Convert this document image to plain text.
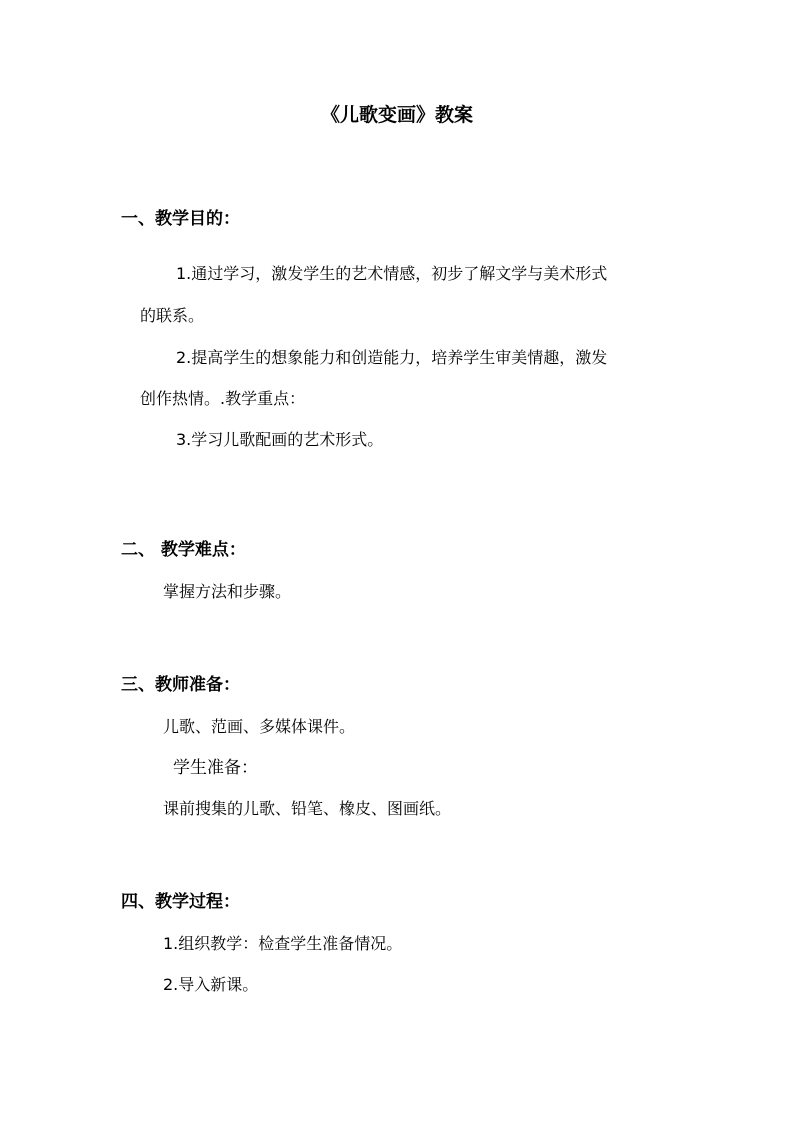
《儿歌变画》教案
一、教学目的：
1.通过学习，激发学生的艺术情感，初步了解文学与美术形式
的联系。
2.提高学生的想象能力和创造能力，培养学生审美情趣，激发
创作热情。.教学重点：
3.学习儿歌配画的艺术形式。
二、 教学难点：
掌握方法和步骤。
三、教师准备：
儿歌、范画、多媒体课件。
学生准备：
课前搜集的儿歌、铅笔、橡皮、图画纸。
四、教学过程：
1.组织教学：检查学生准备情况。
2.导入新课。
